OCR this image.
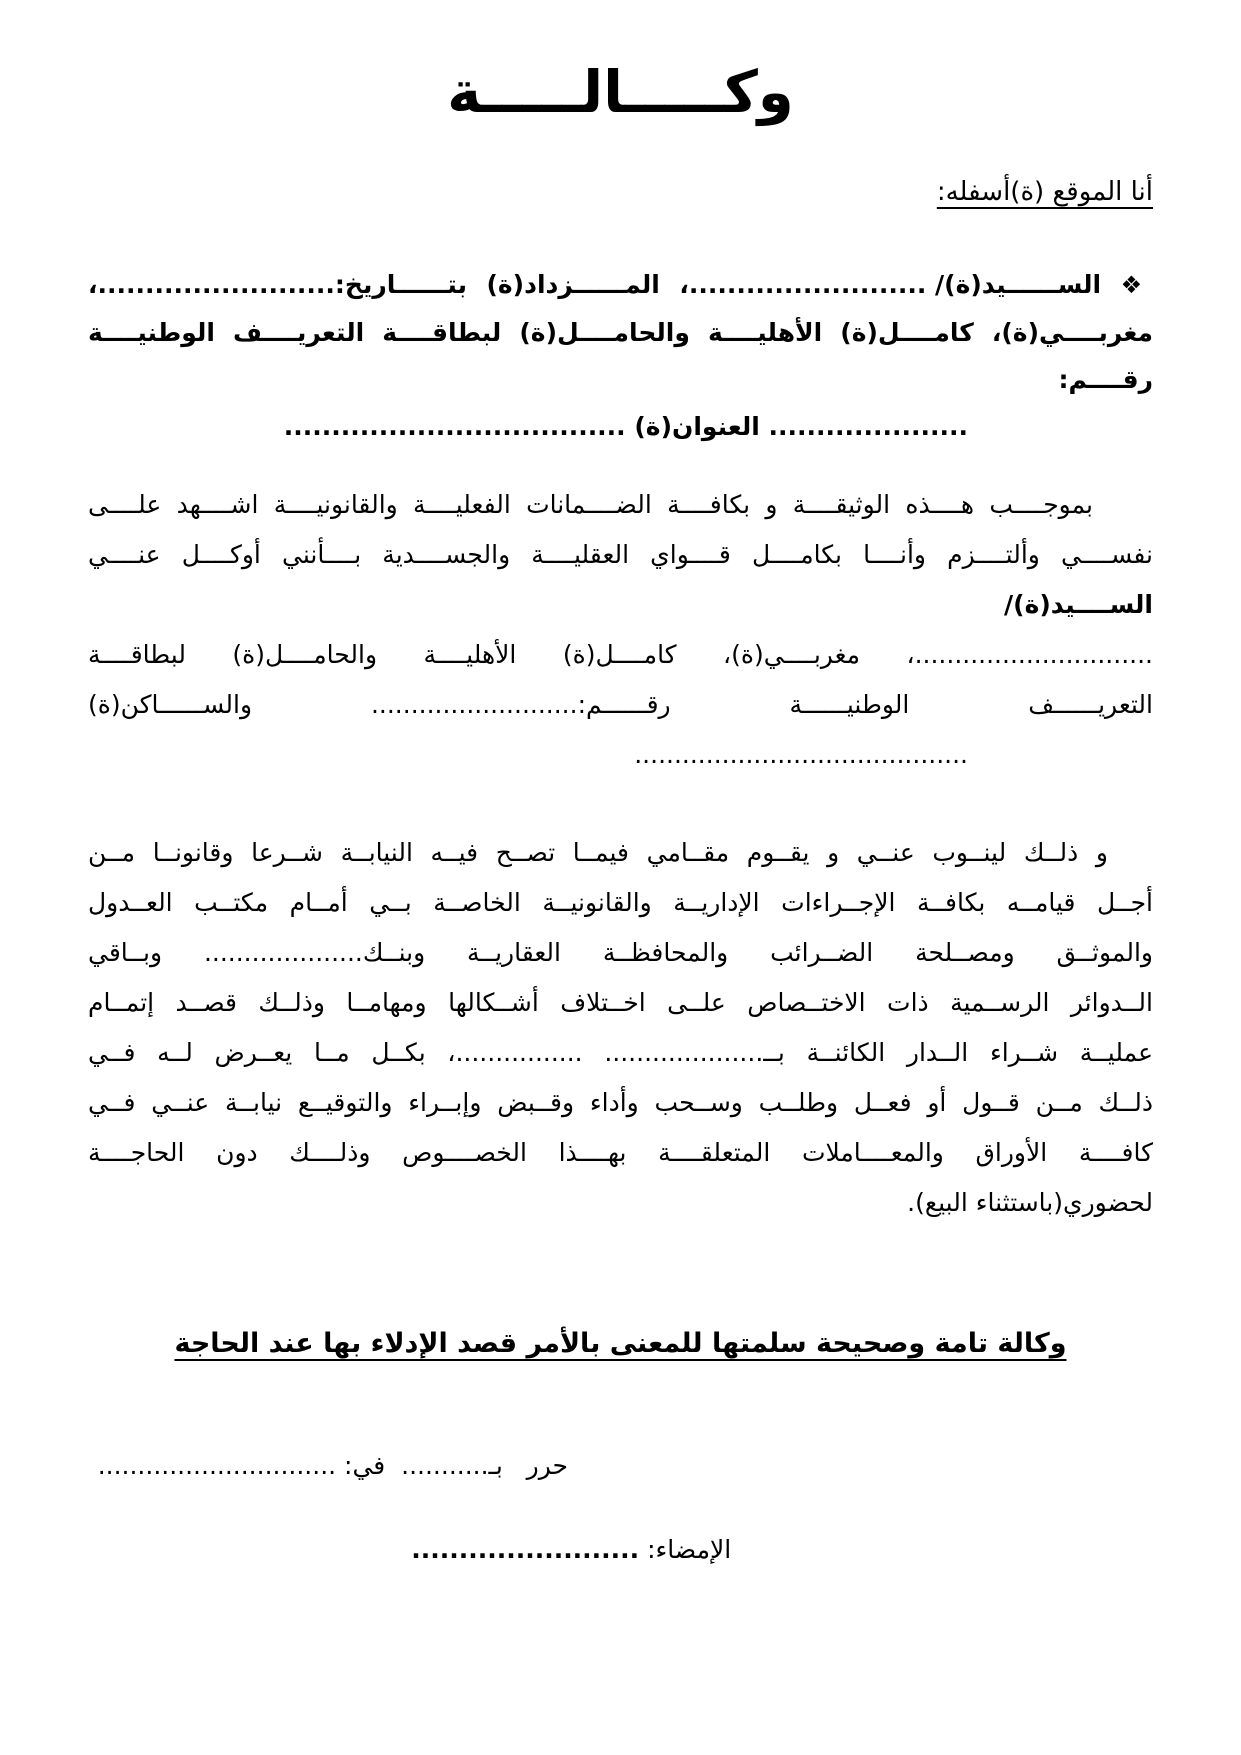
وكـــــالـــــة

أنا الموقع (ة)أسفله:

❖ الســــــيد(ة)/ .........................، المــــــزداد(ة) بتــــــاريخ:.........................،
مغربــــي(ة)، كامــــل(ة) الأهليــــة والحامــــل(ة) لبطاقــــة التعريــــف الوطنيــــة رقــــم:
..................... العنوان(ة) ....................................
بموجــــب هــــذه الوثيقــــة و بكافــــة الضــــمانات الفعليــــة والقانونيــــة اشــــهد علــــى
نفســــي وألتــــزم وأنــــا بكامــــل قــــواي العقليــــة والجســــدية بــــأنني أوكــــل عنــــي الســــيد(ة)/
..............................، مغربــــي(ة)، كامــــل(ة) الأهليــــة والحامــــل(ة) لبطاقــــة
التعريــــــف الوطنيــــــة رقــــــم:.......................... والســــــاكن(ة)
..........................................
و ذلــك لينــوب عنــي و يقــوم مقــامي فيمــا تصــح فيــه النيابــة شــرعا وقانونــا مــن
أجــل قيامــه بكافــة الإجــراءات الإداريــة والقانونيــة الخاصــة بــي أمــام مكتــب العــدول
والموثــق ومصــلحة الضــرائب والمحافظــة العقاريــة وبنــك.................... وبــاقي
الــدوائر الرســمية ذات الاختــصاص علــى اخــتلاف أشــكالها ومهامــا وذلــك قصــد إتمــام
عمليــة شــراء الــدار الكائنــة بــ.................... ................، بكــل مــا يعــرض لــه فــي
ذلــك مــن قــول أو فعــل وطلــب وســحب وأداء وقــبض وإبــراء والتوقيــع نيابــة عنــي فــي
كافــــة الأوراق والمعــــاملات المتعلقــــة بهــــذا الخصــــوص وذلــــك دون الحاجــــة
لحضوري(باستثناء البيع).
وكالة تامة وصحيحة سلمتها للمعنى بالأمر قصد الإدلاء بها عند الحاجة
حرر   بـ...........  في: ..............................

الإمضاء: ........................
